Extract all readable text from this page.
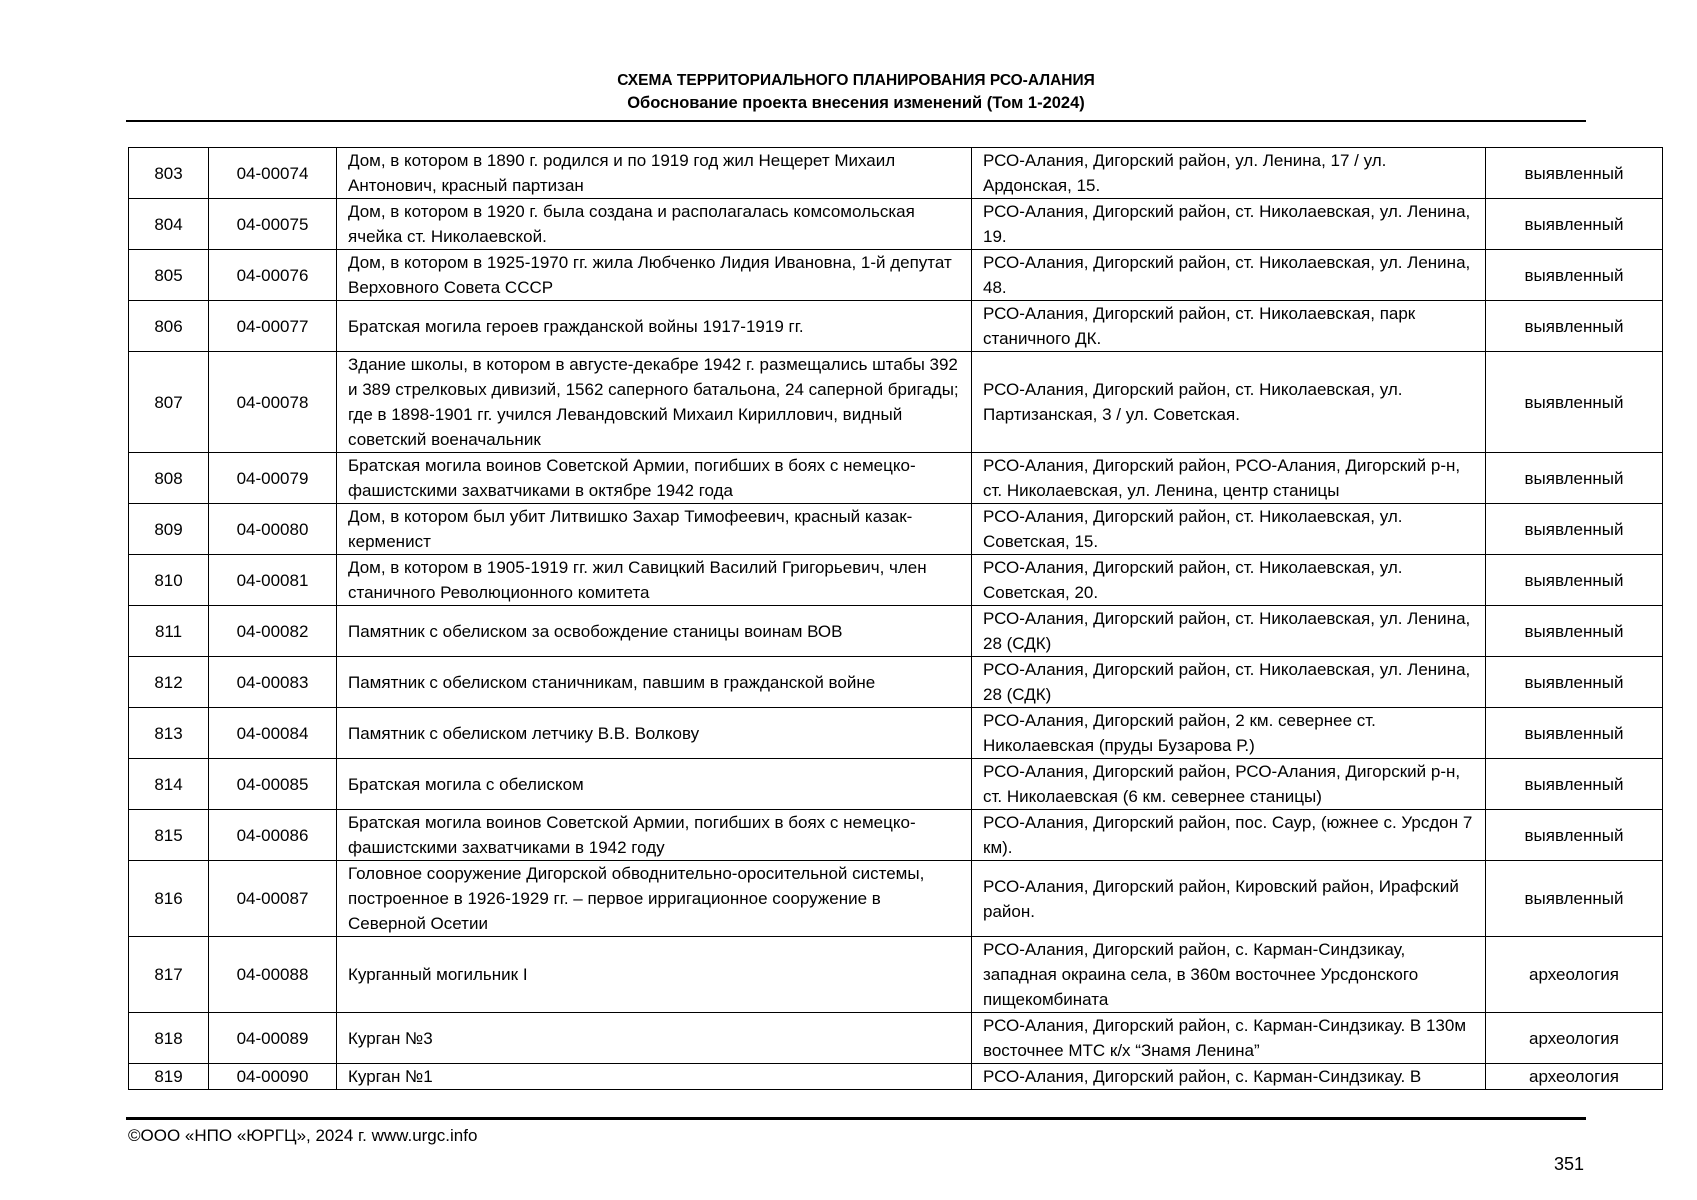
СХЕМА ТЕРРИТОРИАЛЬНОГО ПЛАНИРОВАНИЯ РСО-АЛАНИЯ
Обоснование проекта внесения изменений (Том 1-2024)
803	04-00074	Дом, в котором в 1890 г. родился и по 1919 год жил Нещерет Михаил Антонович, красный партизан	РСО-Алания, Дигорский район, ул. Ленина, 17 / ул. Ардонская, 15.	выявленный
804	04-00075	Дом, в котором в 1920 г. была создана и располагалась комсомольская ячейка ст. Николаевской.	РСО-Алания, Дигорский район, ст. Николаевская, ул. Ленина, 19.	выявленный
805	04-00076	Дом, в котором в 1925-1970 гг. жила Любченко Лидия Ивановна, 1-й депутат Верховного Совета СССР	РСО-Алания, Дигорский район, ст. Николаевская, ул. Ленина, 48.	выявленный
806	04-00077	Братская могила героев гражданской войны 1917-1919 гг.	РСО-Алания, Дигорский район, ст. Николаевская, парк станичного ДК.	выявленный
807	04-00078	Здание школы, в котором в августе-декабре 1942 г. размещались штабы 392 и 389 стрелковых дивизий, 1562 саперного батальона, 24 саперной бригады; где в 1898-1901 гг. учился Левандовский Михаил Кириллович, видный советский военачальник	РСО-Алания, Дигорский район, ст. Николаевская, ул. Партизанская, 3 / ул. Советская.	выявленный
808	04-00079	Братская могила воинов Советской Армии, погибших в боях с немецко-фашистскими захватчиками в октябре 1942 года	РСО-Алания, Дигорский район, РСО-Алания, Дигорский р-н, ст. Николаевская, ул. Ленина, центр станицы	выявленный
809	04-00080	Дом, в котором был убит Литвишко Захар Тимофеевич, красный казак-керменист	РСО-Алания, Дигорский район, ст. Николаевская, ул. Советская, 15.	выявленный
810	04-00081	Дом, в котором в 1905-1919 гг. жил Савицкий Василий Григорьевич, член станичного Революционного комитета	РСО-Алания, Дигорский район, ст. Николаевская, ул. Советская, 20.	выявленный
811	04-00082	Памятник с обелиском за освобождение станицы воинам ВОВ	РСО-Алания, Дигорский район, ст. Николаевская, ул. Ленина, 28 (СДК)	выявленный
812	04-00083	Памятник с обелиском станичникам, павшим в гражданской войне	РСО-Алания, Дигорский район, ст. Николаевская, ул. Ленина, 28 (СДК)	выявленный
813	04-00084	Памятник с обелиском летчику В.В. Волкову	РСО-Алания, Дигорский район, 2 км. севернее ст. Николаевская (пруды Бузарова Р.)	выявленный
814	04-00085	Братская могила с обелиском	РСО-Алания, Дигорский район, РСО-Алания, Дигорский р-н, ст. Николаевская (6 км. севернее станицы)	выявленный
815	04-00086	Братская могила воинов Советской Армии, погибших в боях с немецко-фашистскими захватчиками в 1942 году	РСО-Алания, Дигорский район, пос. Саур, (южнее с. Урсдон 7 км).	выявленный
816	04-00087	Головное сооружение Дигорской обводнительно-оросительной системы, построенное в 1926-1929 гг. – первое ирригационное сооружение в Северной Осетии	РСО-Алания, Дигорский район, Кировский район, Ирафский район.	выявленный
817	04-00088	Курганный могильник I	РСО-Алания, Дигорский район, с. Карман-Синдзикау, западная окраина села, в 360м восточнее Урсдонского пищекомбината	археология
818	04-00089	Курган №3	РСО-Алания, Дигорский район, с. Карман-Синдзикау. В 130м восточнее МТС к/х “Знамя Ленина”	археология
819	04-00090	Курган №1	РСО-Алания, Дигорский район, с. Карман-Синдзикау. В	археология
©ООО «НПО «ЮРГЦ», 2024 г. www.urgc.info
351
